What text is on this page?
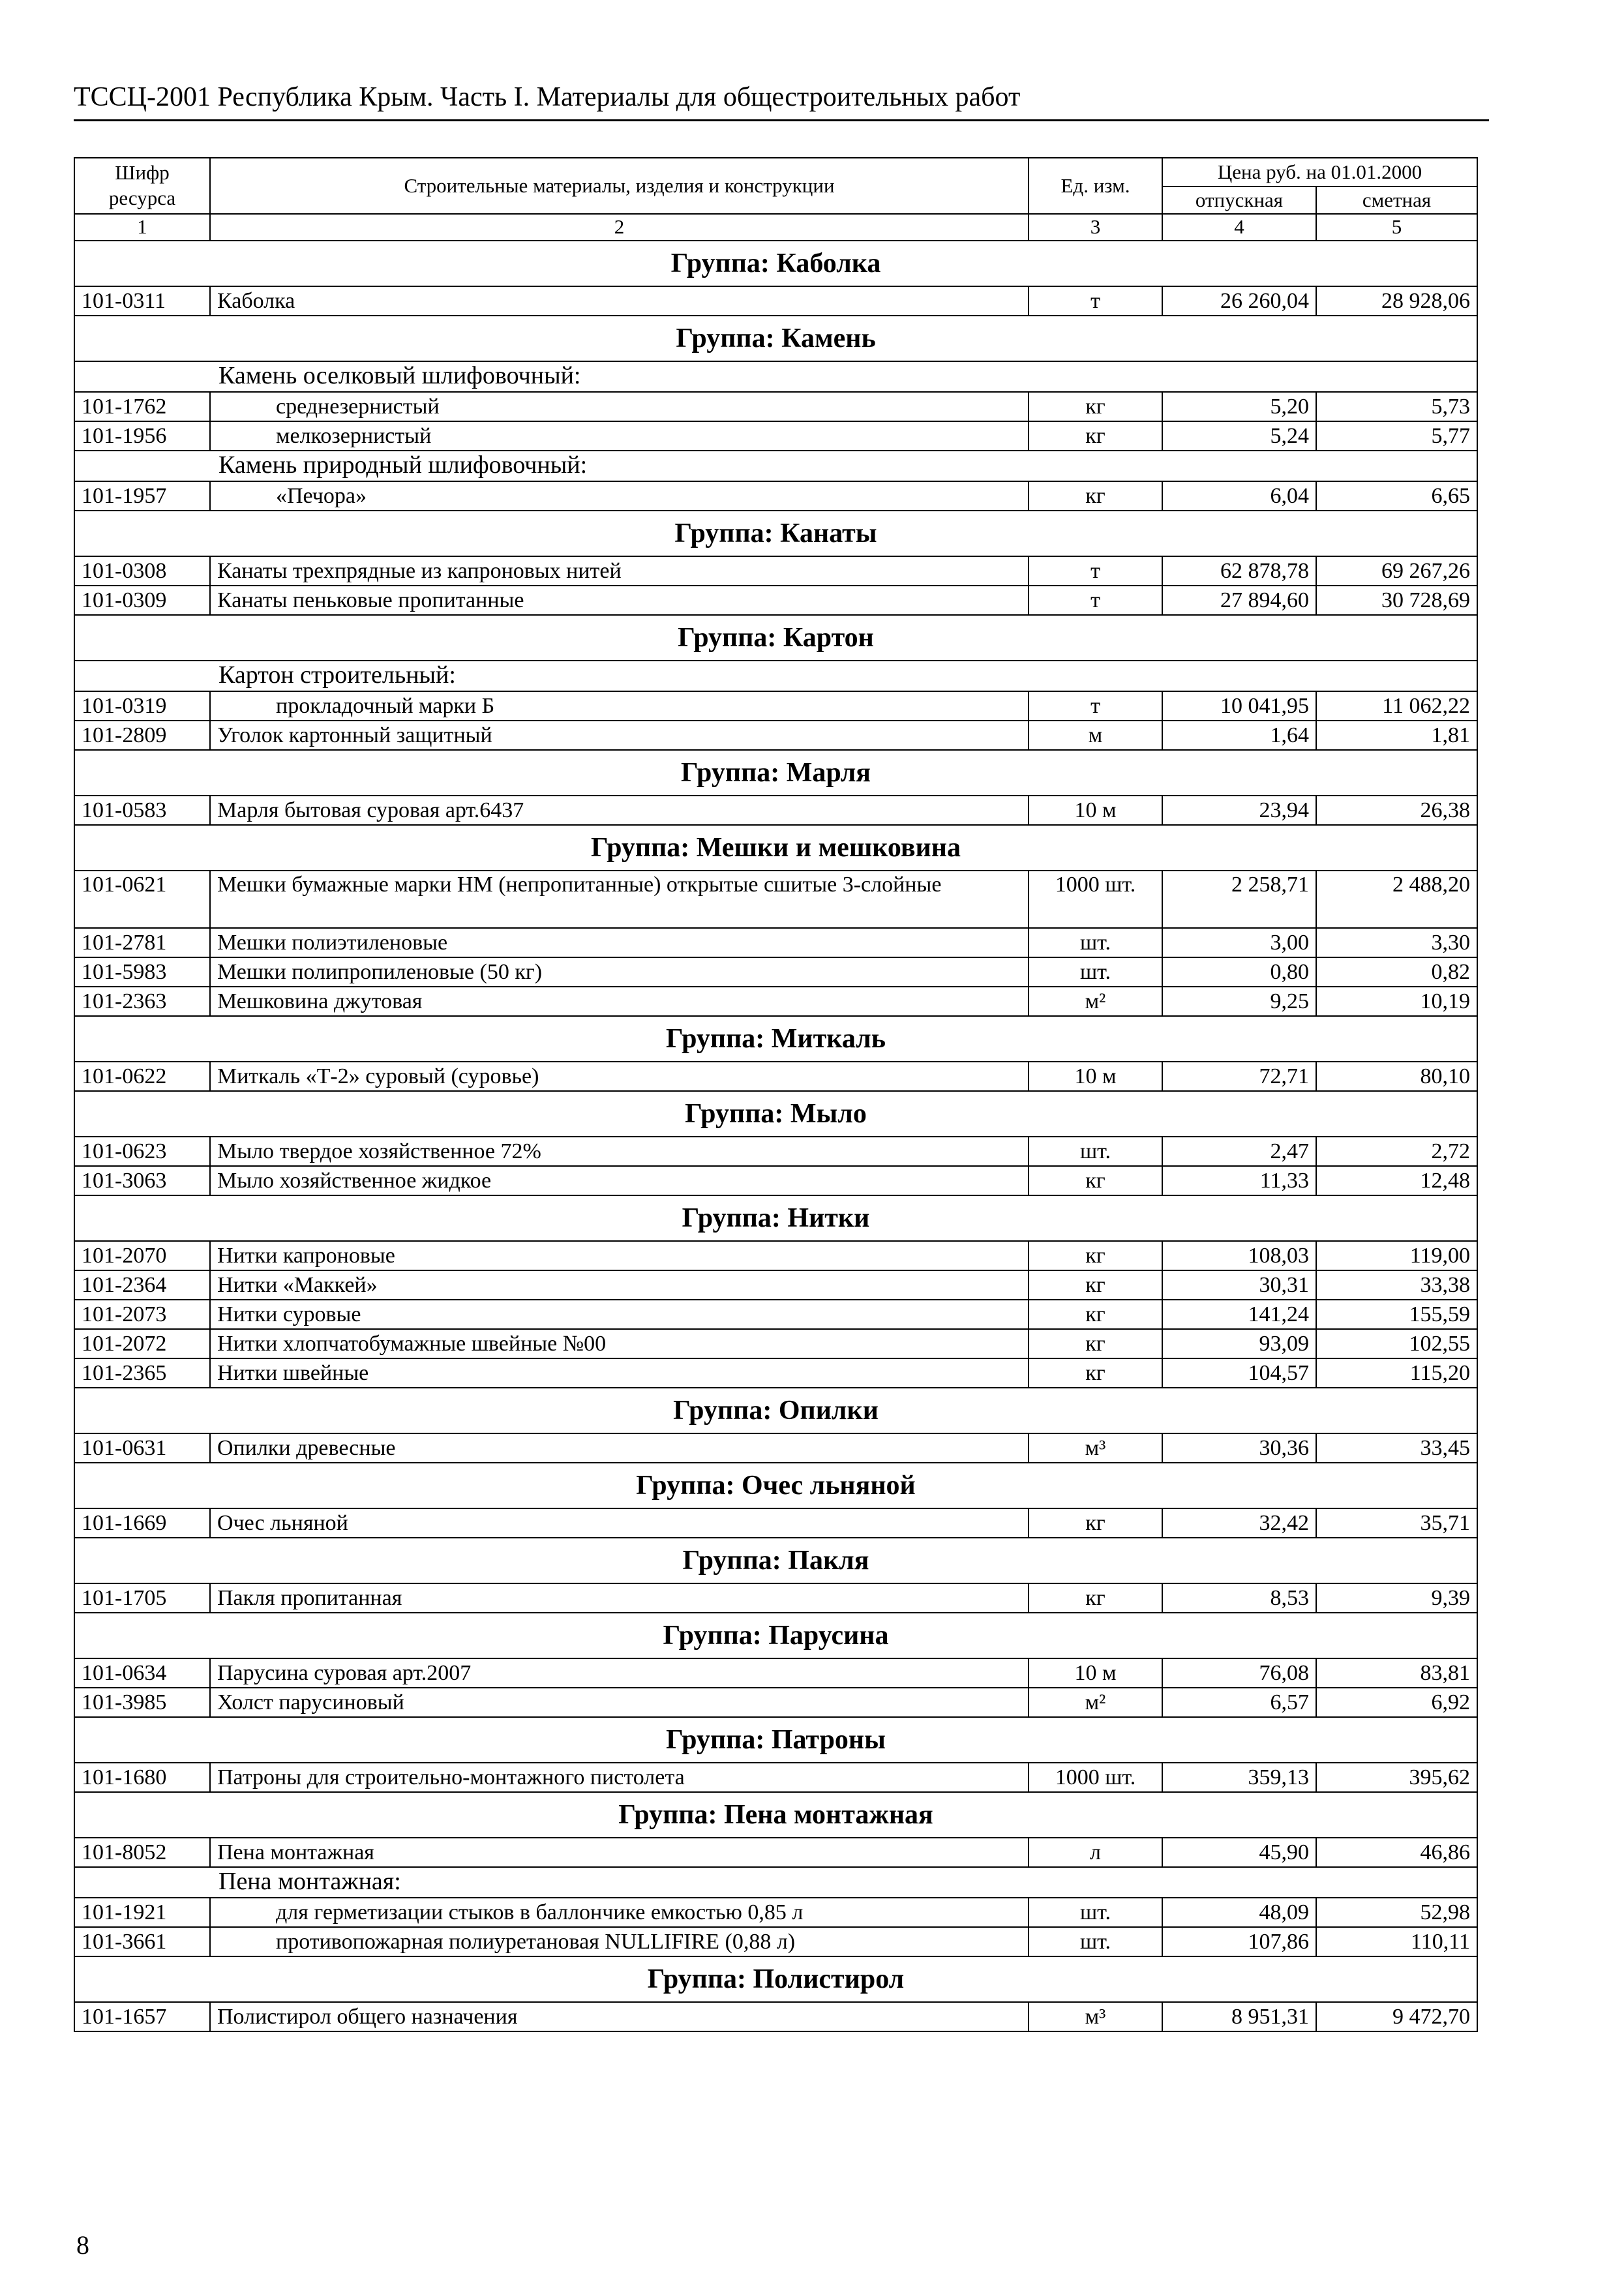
ТССЦ-2001 Республика Крым. Часть I. Материалы для общестроительных работ
Шифр ресурса	Строительные материалы, изделия и конструкции	Ед. изм.	Цена руб. на 01.01.2000	
			отпускная	сметная
1	2	3	4	5
Группа: Каболка				
101-0311	Каболка	т	26 260,04	28 928,06
Группа: Камень				
Камень оселковый шлифовочный:				
101-1762	среднезернистый	кг	5,20	5,73
101-1956	мелкозернистый	кг	5,24	5,77
Камень природный шлифовочный:				
101-1957	«Печора»	кг	6,04	6,65
Группа: Канаты				
101-0308	Канаты трехпрядные из капроновых нитей	т	62 878,78	69 267,26
101-0309	Канаты пеньковые пропитанные	т	27 894,60	30 728,69
Группа: Картон				
Картон строительный:				
101-0319	прокладочный марки Б	т	10 041,95	11 062,22
101-2809	Уголок картонный защитный	м	1,64	1,81
Группа: Марля				
101-0583	Марля бытовая суровая арт.6437	10 м	23,94	26,38
Группа: Мешки и мешковина				
101-0621	Мешки бумажные марки НМ (непропитанные) открытые сшитые 3-слойные	1000 шт.	2 258,71	2 488,20
101-2781	Мешки полиэтиленовые	шт.	3,00	3,30
101-5983	Мешки полипропиленовые (50 кг)	шт.	0,80	0,82
101-2363	Мешковина джутовая	м²	9,25	10,19
Группа: Миткаль				
101-0622	Миткаль «Т-2» суровый (суровье)	10 м	72,71	80,10
Группа: Мыло				
101-0623	Мыло твердое хозяйственное 72%	шт.	2,47	2,72
101-3063	Мыло хозяйственное жидкое	кг	11,33	12,48
Группа: Нитки				
101-2070	Нитки капроновые	кг	108,03	119,00
101-2364	Нитки «Маккей»	кг	30,31	33,38
101-2073	Нитки суровые	кг	141,24	155,59
101-2072	Нитки хлопчатобумажные швейные №00	кг	93,09	102,55
101-2365	Нитки швейные	кг	104,57	115,20
Группа: Опилки				
101-0631	Опилки древесные	м³	30,36	33,45
Группа: Очес льняной				
101-1669	Очес льняной	кг	32,42	35,71
Группа: Пакля				
101-1705	Пакля пропитанная	кг	8,53	9,39
Группа: Парусина				
101-0634	Парусина суровая арт.2007	10 м	76,08	83,81
101-3985	Холст парусиновый	м²	6,57	6,92
Группа: Патроны				
101-1680	Патроны для строительно-монтажного пистолета	1000 шт.	359,13	395,62
Группа: Пена монтажная				
101-8052	Пена монтажная	л	45,90	46,86
Пена монтажная:				
101-1921	для герметизации стыков в баллончике емкостью 0,85 л	шт.	48,09	52,98
101-3661	противопожарная полиуретановая NULLIFIRE (0,88 л)	шт.	107,86	110,11
Группа: Полистирол				
101-1657	Полистирол общего назначения	м³	8 951,31	9 472,70
8
